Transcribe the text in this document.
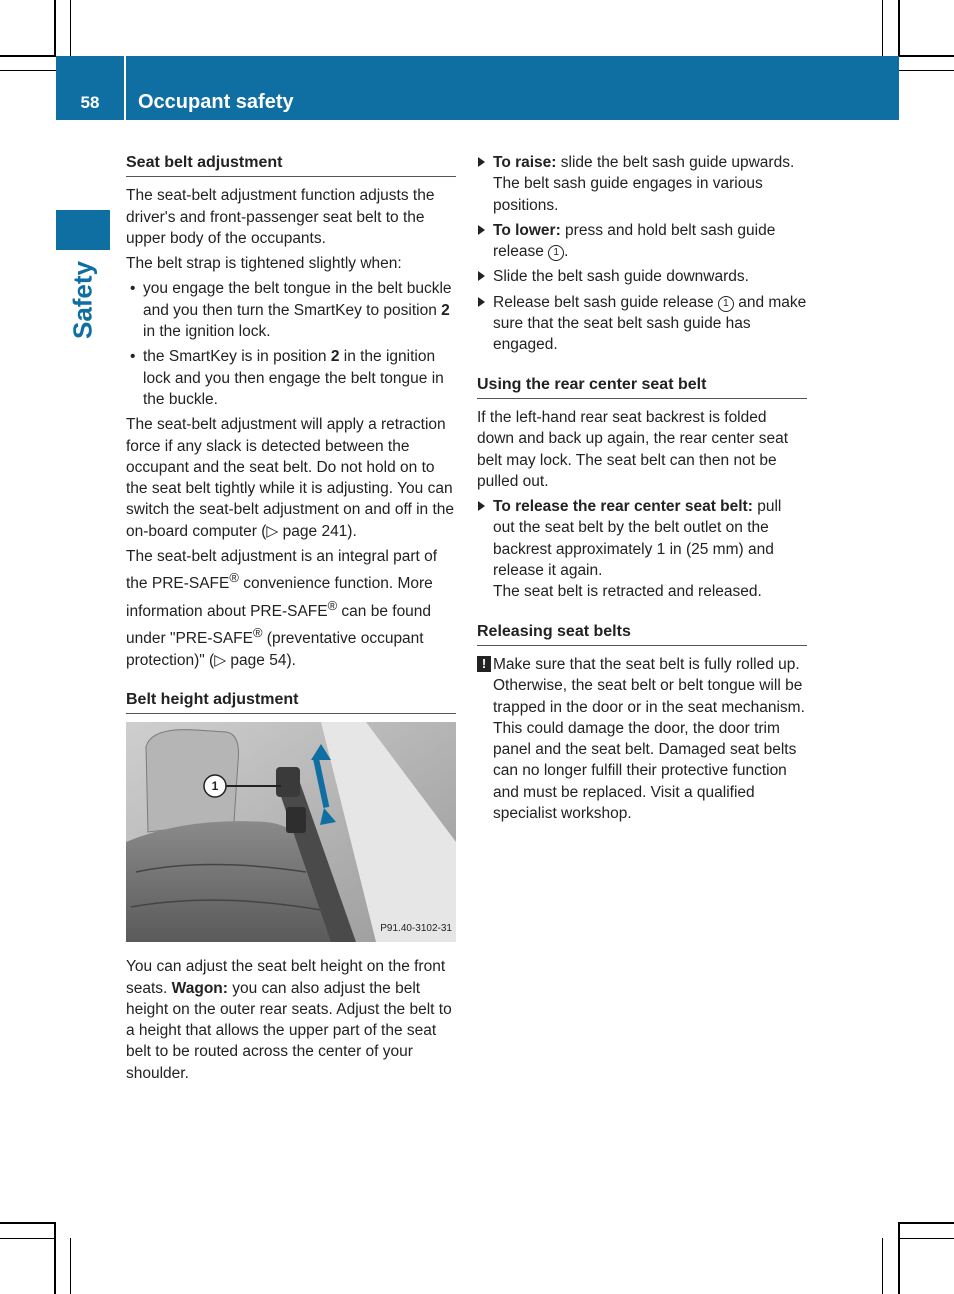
58	Occupant safety
Safety
Seat belt adjustment

The seat-belt adjustment function adjusts the driver's and front-passenger seat belt to the upper body of the occupants.

The belt strap is tightened slightly when:

• you engage the belt tongue in the belt buckle and you then turn the SmartKey to position 2 in the ignition lock.
• the SmartKey is in position 2 in the ignition lock and you then engage the belt tongue in the buckle.

The seat-belt adjustment will apply a retraction force if any slack is detected between the occupant and the seat belt. Do not hold on to the seat belt tightly while it is adjusting. You can switch the seat-belt adjustment on and off in the on-board computer (▷ page 241).

The seat-belt adjustment is an integral part of the PRE-SAFE® convenience function. More information about PRE-SAFE® can be found under "PRE-SAFE® (preventative occupant protection)" (▷ page 54).

Belt height adjustment
1
P91.40-3102-31

You can adjust the seat belt height on the front seats. Wagon: you can also adjust the belt height on the outer rear seats. Adjust the belt to a height that allows the upper part of the seat belt to be routed across the center of your shoulder.

To raise: slide the belt sash guide upwards. The belt sash guide engages in various positions.
To lower: press and hold belt sash guide release 1 .
Slide the belt sash guide downwards.
Release belt sash guide release 1 and make sure that the seat belt sash guide has engaged.
Using the rear center seat belt

If the left-hand rear seat backrest is folded down and back up again, the rear center seat belt may lock. The seat belt can then not be pulled out.

To release the rear center seat belt: pull out the seat belt by the belt outlet on the backrest approximately 1 in (25 mm) and release it again.
The seat belt is retracted and released.
Releasing seat belts
! Make sure that the seat belt is fully rolled up. Otherwise, the seat belt or belt tongue will be trapped in the door or in the seat mechanism. This could damage the door, the door trim panel and the seat belt. Damaged seat belts can no longer fulfill their protective function and must be replaced. Visit a qualified specialist workshop.
